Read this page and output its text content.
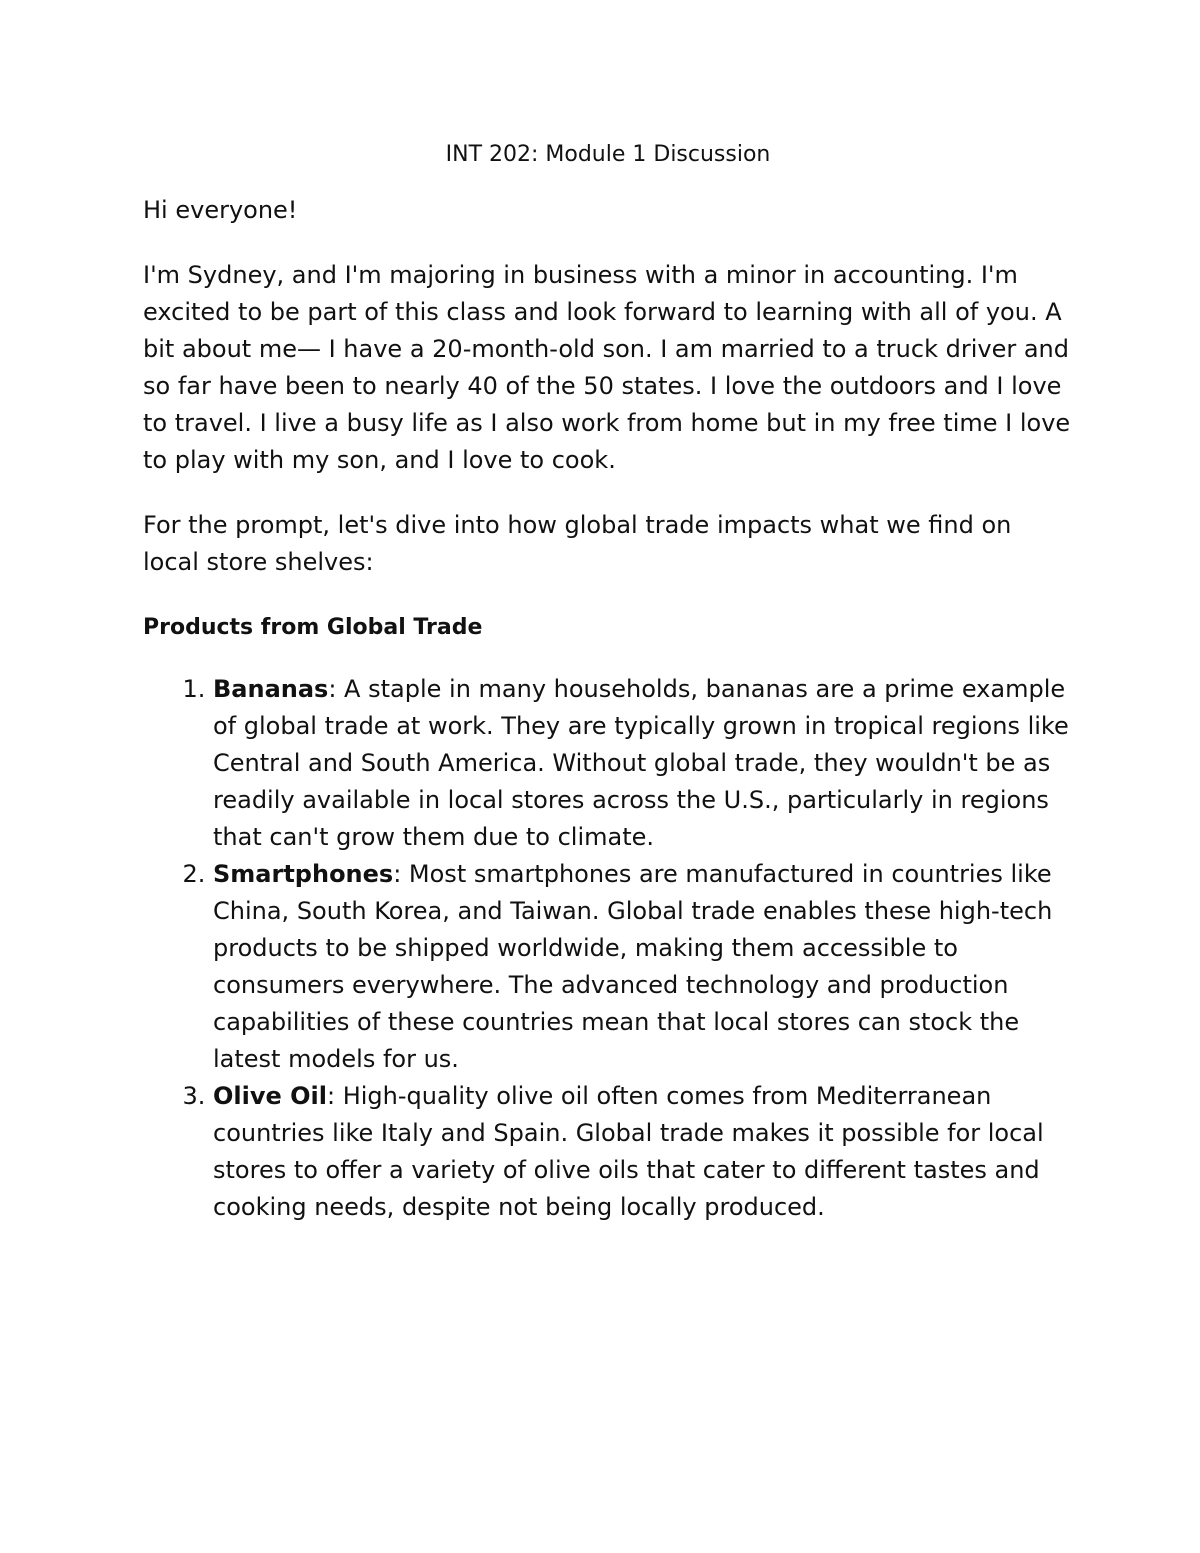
INT 202: Module 1 Discussion

Hi everyone!

I'm Sydney, and I'm majoring in business with a minor in accounting. I'm excited to be part of this class and look forward to learning with all of you. A bit about me— I have a 20-month-old son. I am married to a truck driver and so far have been to nearly 40 of the 50 states. I love the outdoors and I love to travel. I live a busy life as I also work from home but in my free time I love to play with my son, and I love to cook.

For the prompt, let's dive into how global trade impacts what we find on local store shelves:

Products from Global Trade

1. Bananas: A staple in many households, bananas are a prime example of global trade at work. They are typically grown in tropical regions like Central and South America. Without global trade, they wouldn't be as readily available in local stores across the U.S., particularly in regions that can't grow them due to climate.
2. Smartphones: Most smartphones are manufactured in countries like China, South Korea, and Taiwan. Global trade enables these high-tech products to be shipped worldwide, making them accessible to consumers everywhere. The advanced technology and production capabilities of these countries mean that local stores can stock the latest models for us.
3. Olive Oil: High-quality olive oil often comes from Mediterranean countries like Italy and Spain. Global trade makes it possible for local stores to offer a variety of olive oils that cater to different tastes and cooking needs, despite not being locally produced.
